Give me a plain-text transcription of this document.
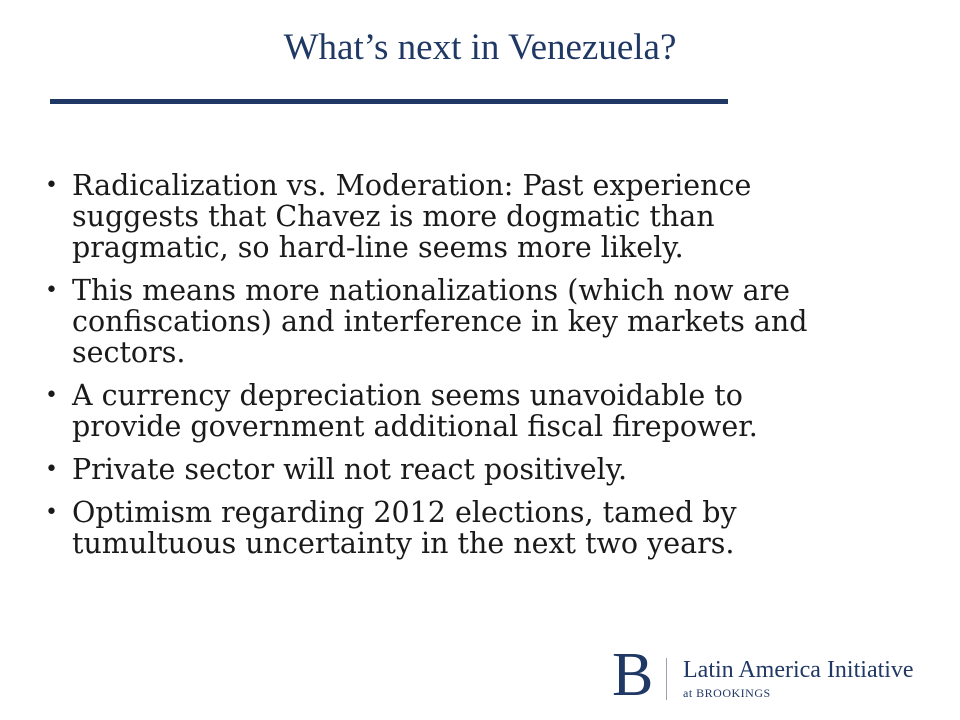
What’s next in Venezuela?
• Radicalization vs. Moderation: Past experience suggests that Chavez is more dogmatic than pragmatic, so hard-line seems more likely.
• This means more nationalizations (which now are confiscations) and interference in key markets and sectors.
• A currency depreciation seems unavoidable to provide government additional fiscal firepower.
• Private sector will not react positively.
• Optimism regarding 2012 elections, tamed by tumultuous uncertainty in the next two years.
B Latin America Initiative
at BROOKINGS
